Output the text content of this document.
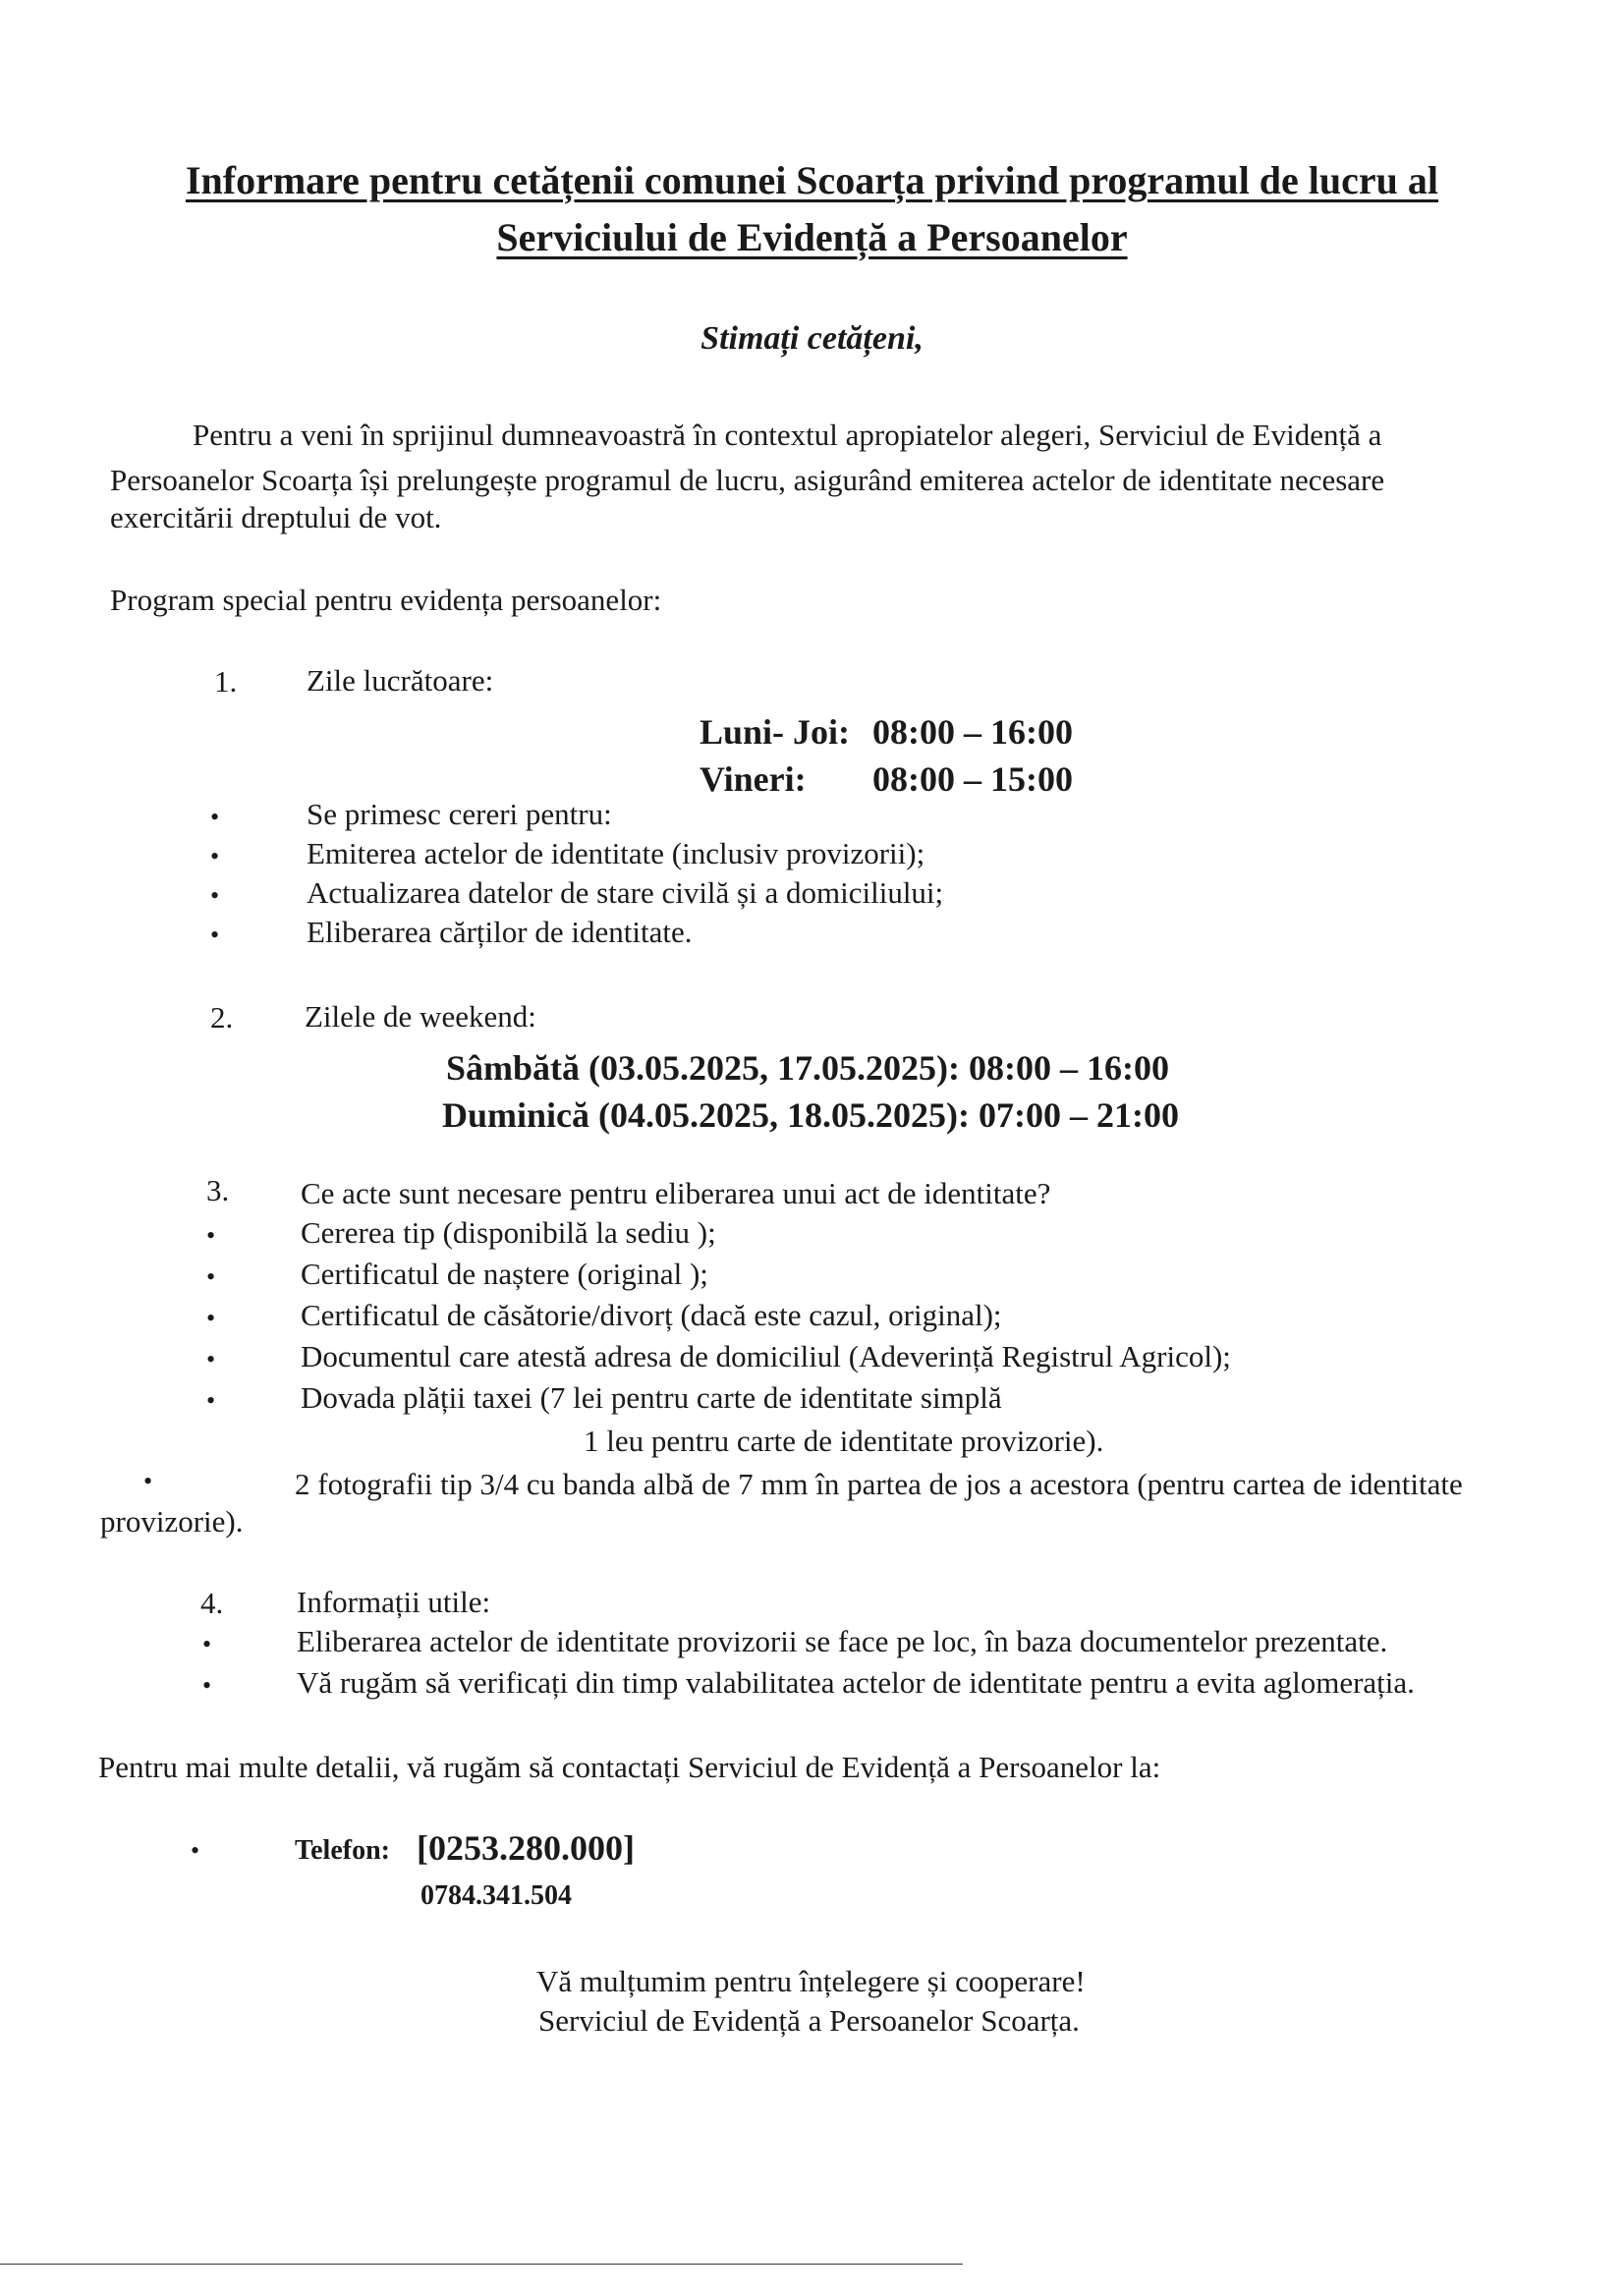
Informare pentru cetățenii comunei Scoarța privind programul de lucru al
Serviciului de Evidență a Persoanelor
Stimați cetățeni,
Pentru a veni în sprijinul dumneavoastră în contextul apropiatelor alegeri, Serviciul de Evidență a
Persoanelor Scoarța își prelungește programul de lucru, asigurând emiterea actelor de identitate necesare
exercitării dreptului de vot.
Program special pentru evidența persoanelor:
1. Zile lucrătoare:
Luni- Joi: 08:00 – 16:00
Vineri: 08:00 – 15:00
•	Se primesc cereri pentru:
•	Emiterea actelor de identitate (inclusiv provizorii);
•	Actualizarea datelor de stare civilă și a domiciliului;
•	Eliberarea cărților de identitate.
2. Zilele de weekend:
Sâmbătă (03.05.2025, 17.05.2025): 08:00 – 16:00
Duminică (04.05.2025, 18.05.2025): 07:00 – 21:00
3. Ce acte sunt necesare pentru eliberarea unui act de identitate?
•	Cererea tip (disponibilă la sediu );
•	Certificatul de naștere (original );
•	Certificatul de căsătorie/divorț (dacă este cazul, original);
•	Documentul care atestă adresa de domiciliul (Adeverință Registrul Agricol);
•	Dovada plății taxei (7 lei pentru carte de identitate simplă
1 leu pentru carte de identitate provizorie).
•	2 fotografii tip 3/4 cu banda albă de 7 mm în partea de jos a acestora (pentru cartea de identitate
provizorie).
4. Informații utile:
•	Eliberarea actelor de identitate provizorii se face pe loc, în baza documentelor prezentate.
•	Vă rugăm să verificați din timp valabilitatea actelor de identitate pentru a evita aglomerația.
Pentru mai multe detalii, vă rugăm să contactați Serviciul de Evidență a Persoanelor la:
•	Telefon: [0253.280.000]
0784.341.504
Vă mulțumim pentru înțelegere și cooperare!
Serviciul de Evidență a Persoanelor Scoarța.
